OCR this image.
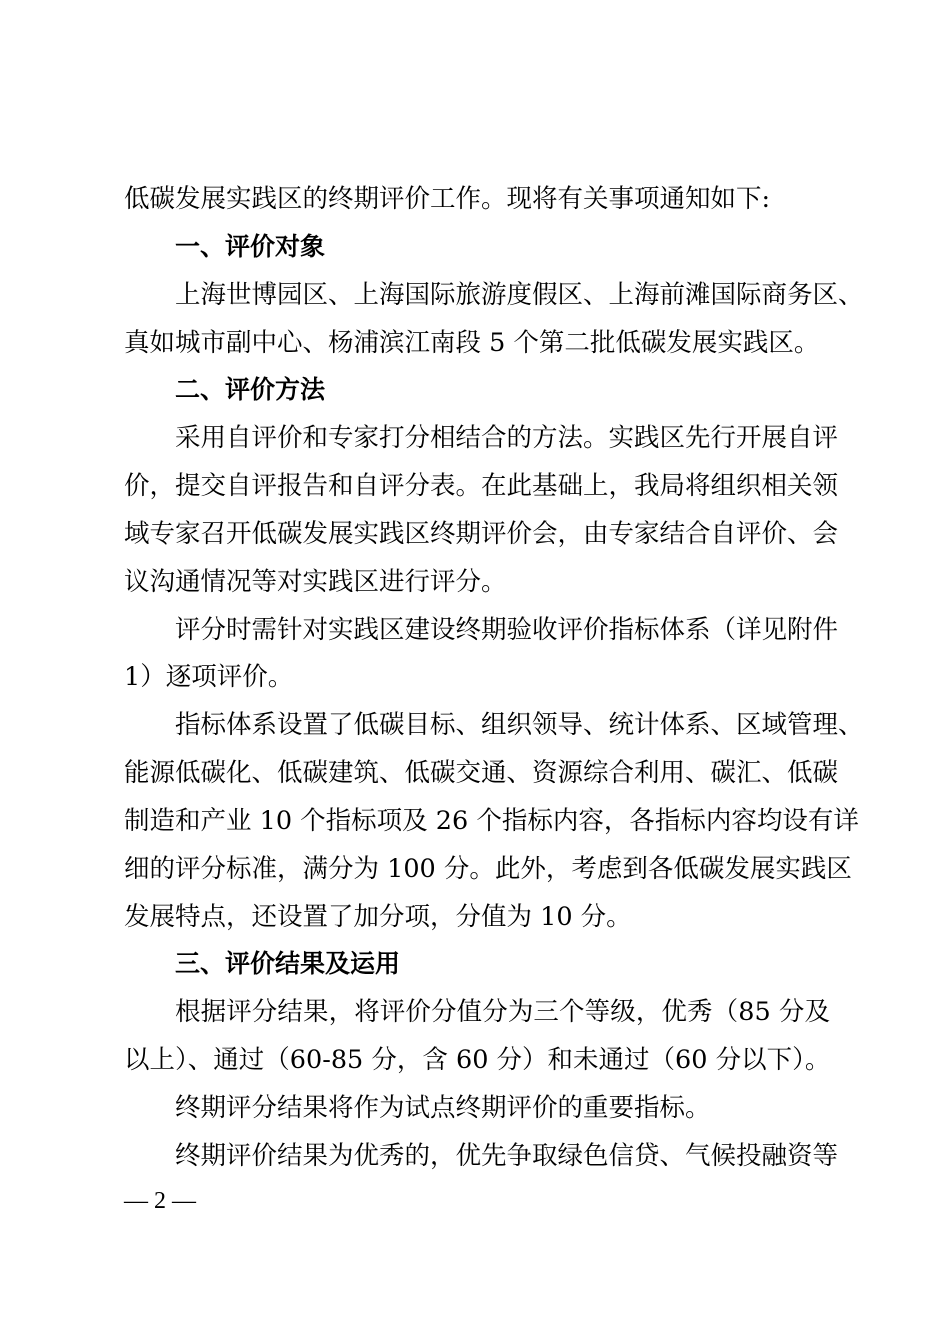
低碳发展实践区的终期评价工作。现将有关事项通知如下:
一、评价对象
上海世博园区、上海国际旅游度假区、上海前滩国际商务区、
真如城市副中心、杨浦滨江南段 5 个第二批低碳发展实践区。
二、评价方法
采用自评价和专家打分相结合的方法。实践区先行开展自评
价，提交自评报告和自评分表。在此基础上，我局将组织相关领
域专家召开低碳发展实践区终期评价会，由专家结合自评价、会
议沟通情况等对实践区进行评分。
评分时需针对实践区建设终期验收评价指标体系（详见附件
1）逐项评价。
指标体系设置了低碳目标、组织领导、统计体系、区域管理、
能源低碳化、低碳建筑、低碳交通、资源综合利用、碳汇、低碳
制造和产业 10 个指标项及 26 个指标内容，各指标内容均设有详
细的评分标准，满分为 100 分。此外，考虑到各低碳发展实践区
发展特点，还设置了加分项，分值为 10 分。
三、评价结果及运用
根据评分结果，将评价分值分为三个等级，优秀（85 分及
以上）、通过（60-85 分，含 60 分）和未通过（60 分以下）。
终期评分结果将作为试点终期评价的重要指标。
终期评价结果为优秀的，优先争取绿色信贷、气候投融资等
— 2 —
